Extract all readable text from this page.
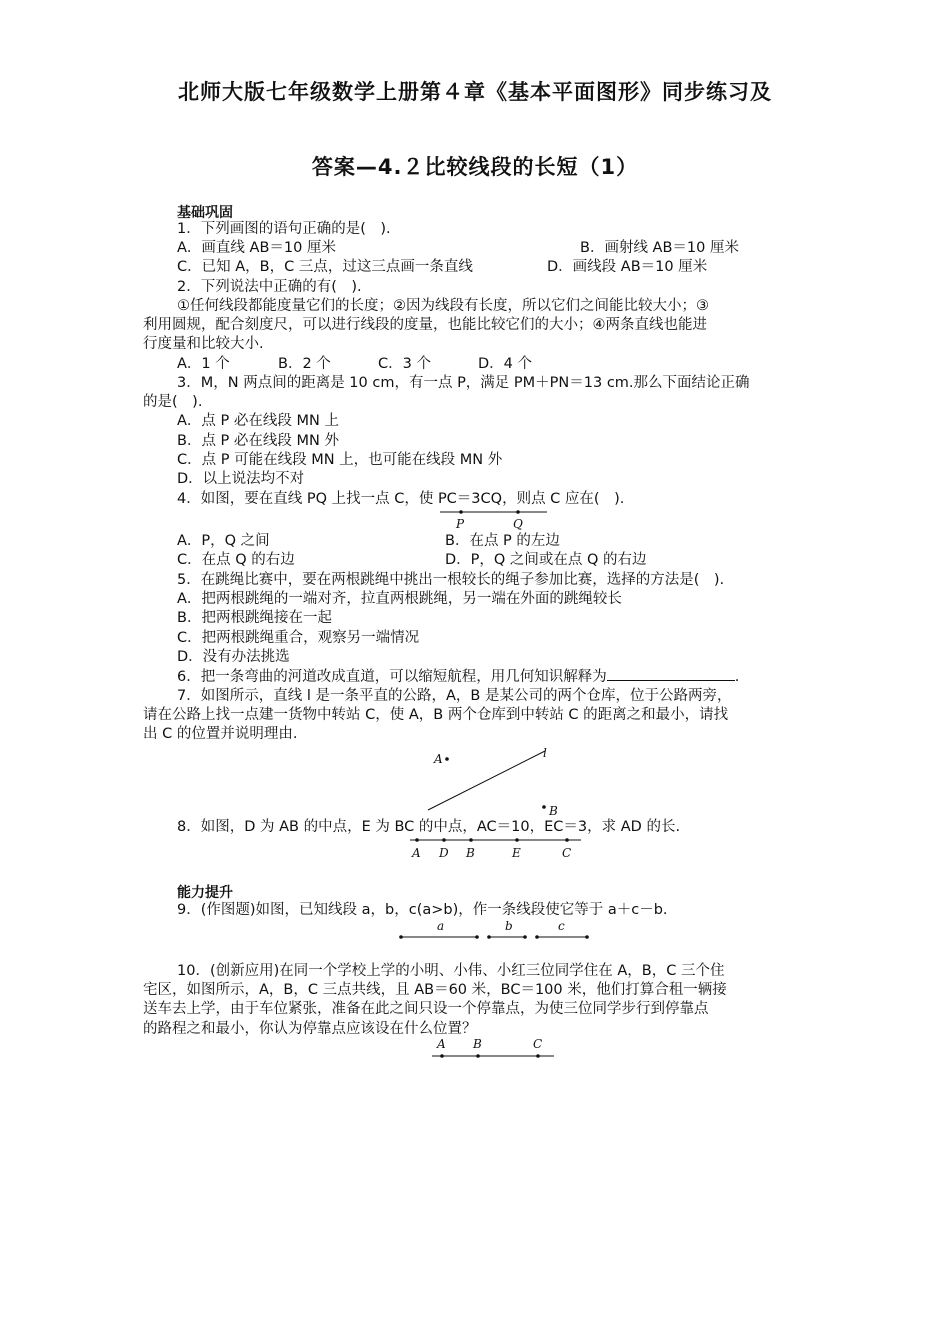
北师大版七年级数学上册第４章《基本平面图形》同步练习及
答案—4.２比较线段的长短（1）
基础巩固
1．下列画图的语句正确的是(　).
A．画直线 AB＝10 厘米	B．画射线 AB＝10 厘米
C．已知 A，B，C 三点，过这三点画一条直线	D．画线段 AB＝10 厘米
2．下列说法中正确的有(　).
①任何线段都能度量它们的长度；②因为线段有长度，所以它们之间能比较大小；③
利用圆规，配合刻度尺，可以进行线段的度量，也能比较它们的大小；④两条直线也能进
行度量和比较大小.
A．1 个	B．2 个	C．3 个	D．4 个
3．M，N 两点间的距离是 10 cm，有一点 P，满足 PM＋PN＝13 cm.那么下面结论正确
的是(　).
A．点 P 必在线段 MN 上
B．点 P 必在线段 MN 外
C．点 P 可能在线段 MN 上，也可能在线段 MN 外
D．以上说法均不对
4．如图，要在直线 PQ 上找一点 C，使 PC＝3CQ，则点 C 应在(　).
P	Q
A．P，Q 之间	B．在点 P 的左边
C．在点 Q 的右边	D．P，Q 之间或在点 Q 的右边
5．在跳绳比赛中，要在两根跳绳中挑出一根较长的绳子参加比赛，选择的方法是(　).
A．把两根跳绳的一端对齐，拉直两根跳绳，另一端在外面的跳绳较长
B．把两根跳绳接在一起
C．把两根跳绳重合，观察另一端情况
D．没有办法挑选
6．把一条弯曲的河道改成直道，可以缩短航程，用几何知识解释为	.
7．如图所示，直线 l 是一条平直的公路，A，B 是某公司的两个仓库，位于公路两旁，
请在公路上找一点建一货物中转站 C，使 A，B 两个仓库到中转站 C 的距离之和最小，请找
出 C 的位置并说明理由.
A	l
B
8．如图，D 为 AB 的中点，E 为 BC 的中点，AC＝10，EC＝3，求 AD 的长.
A D B	E	C
能力提升
9．(作图题)如图，已知线段 a，b，c(a>b)，作一条线段使它等于 a＋c－b.
a	b	c
10．(创新应用)在同一个学校上学的小明、小伟、小红三位同学住在 A，B，C 三个住
宅区，如图所示，A，B，C 三点共线，且 AB＝60 米，BC＝100 米，他们打算合租一辆接
送车去上学，由于车位紧张，准备在此之间只设一个停靠点，为使三位同学步行到停靠点
的路程之和最小，你认为停靠点应该设在什么位置？
A B	C
